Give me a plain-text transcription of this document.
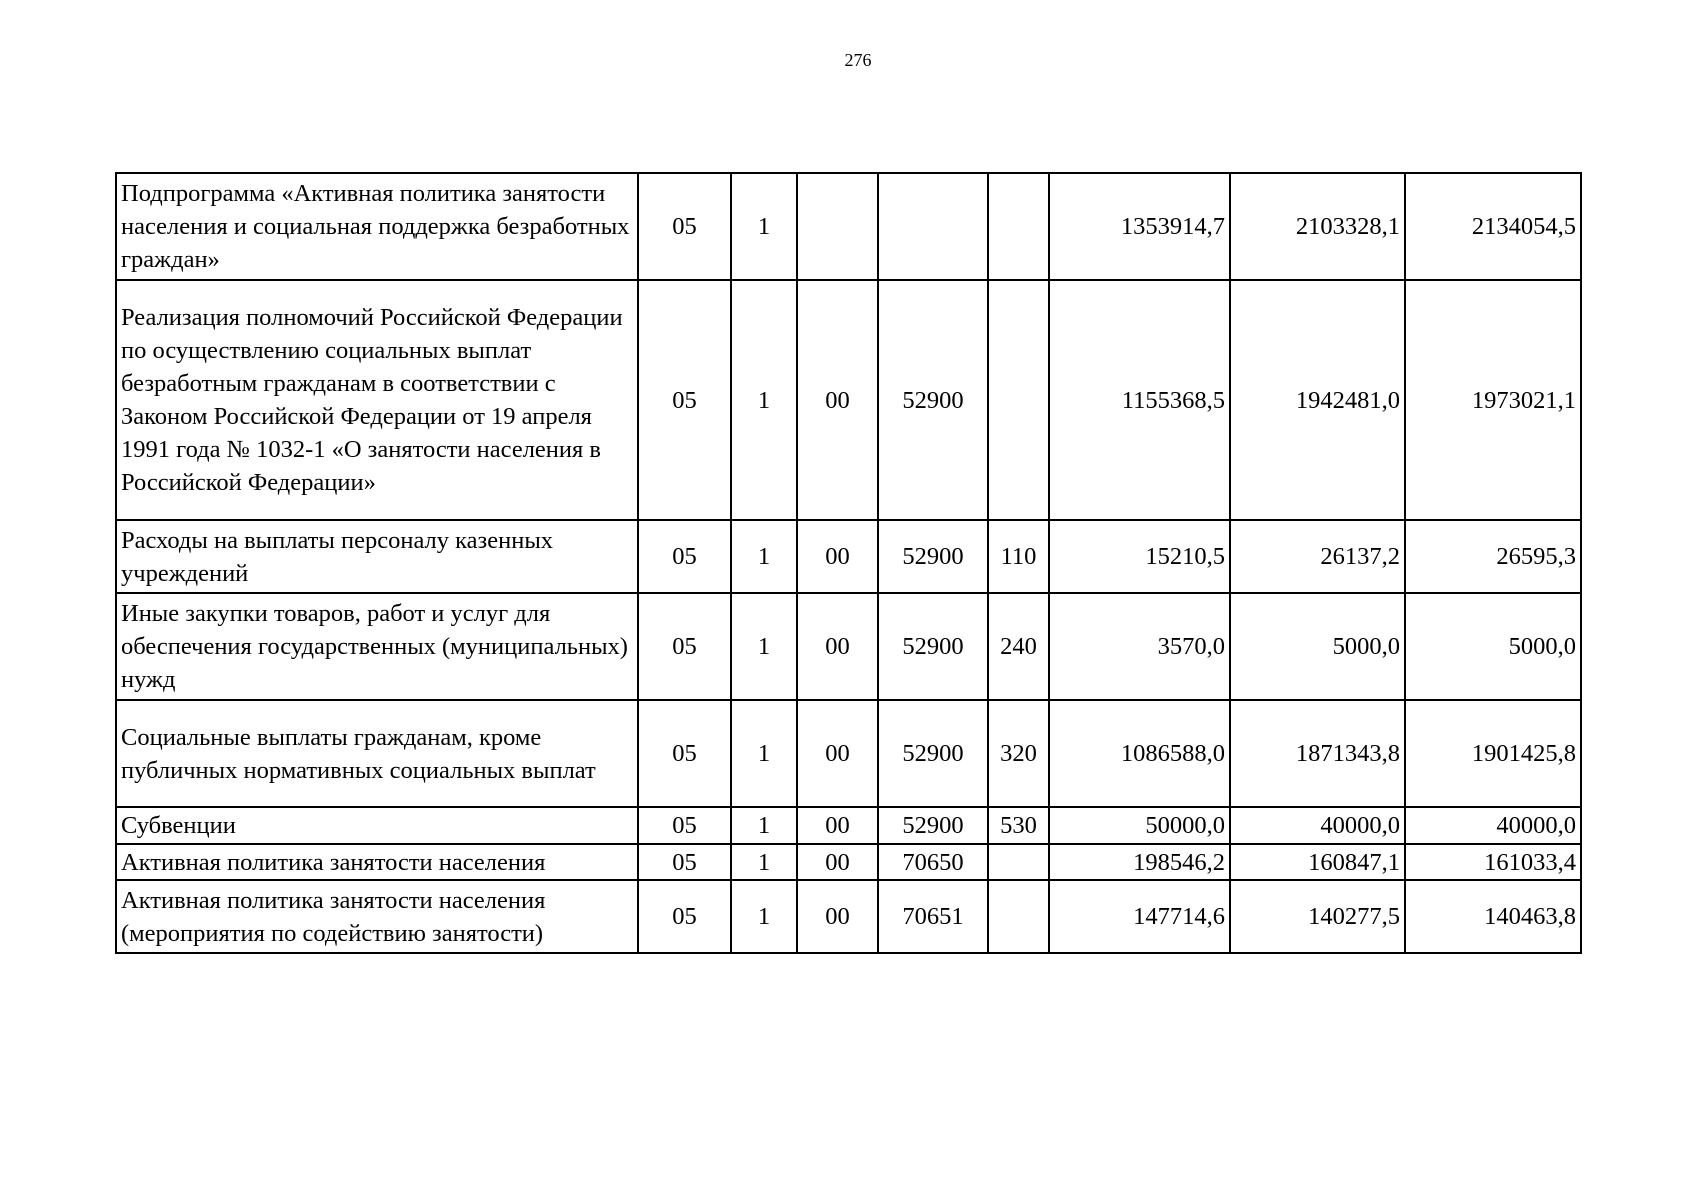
276
Подпрограмма «Активная политика занятости населения и социальная поддержка безработных граждан»	05	1				1353914,7	2103328,1	2134054,5
Реализация полномочий Российской Федерации по осуществлению социальных выплат безработным гражданам в соответствии с Законом Российской Федерации от 19 апреля 1991 года № 1032-1 «О занятости населения в Российской Федерации»	05	1	00	52900		1155368,5	1942481,0	1973021,1
Расходы на выплаты персоналу казенных учреждений	05	1	00	52900	110	15210,5	26137,2	26595,3
Иные закупки товаров, работ и услуг для обеспечения государственных (муниципальных) нужд	05	1	00	52900	240	3570,0	5000,0	5000,0
Социальные выплаты гражданам, кроме публичных нормативных социальных выплат	05	1	00	52900	320	1086588,0	1871343,8	1901425,8
Субвенции	05	1	00	52900	530	50000,0	40000,0	40000,0
Активная политика занятости населения	05	1	00	70650		198546,2	160847,1	161033,4
Активная политика занятости населения (мероприятия по содействию занятости)	05	1	00	70651		147714,6	140277,5	140463,8
